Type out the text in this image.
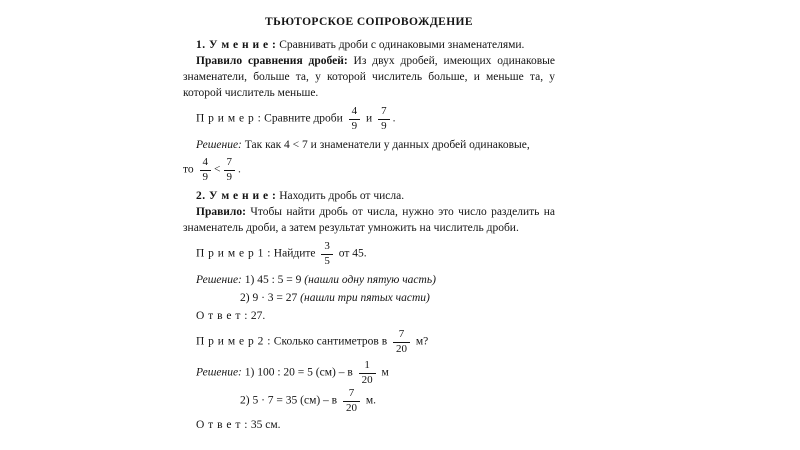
ТЬЮТОРСКОЕ СОПРОВОЖДЕНИЕ

1. У м е н и е : Сравнивать дроби с одинаковыми знаменателями.

Правило сравнения дробей: Из двух дробей, имеющих одинаковые знаменатели, больше та, у которой числитель больше, и меньше та, у которой числитель меньше.

П р и м е р : Сравните дроби $\frac{4}{9}$ и $\frac{7}{9}$ .

Решение: Так как 4 < 7 и знаменатели у данных дробей одинаковые,

то $\frac{4}{9} < \frac{7}{9}$ .

2. У м е н и е : Находить дробь от числа.

Правило: Чтобы найти дробь от числа, нужно это число разделить на знаменатель дроби, а затем результат умножить на числитель дроби.

П р и м е р 1 : Найдите $\frac{3}{5}$ от 45.

Решение: 1) 45 : 5 = 9 (нашли одну пятую часть)

2) 9 · 3 = 27 (нашли три пятых части)

О т в е т : 27.

П р и м е р 2 : Сколько сантиметров в $\frac{7}{20} м$?

Решение: 1) 100 : 20 = 5 (см) – в $\frac{1}{20}$ м

2) 5 · 7 = 35 (см) – в $\frac{7}{20} м$.

О т в е т : 35 см.
